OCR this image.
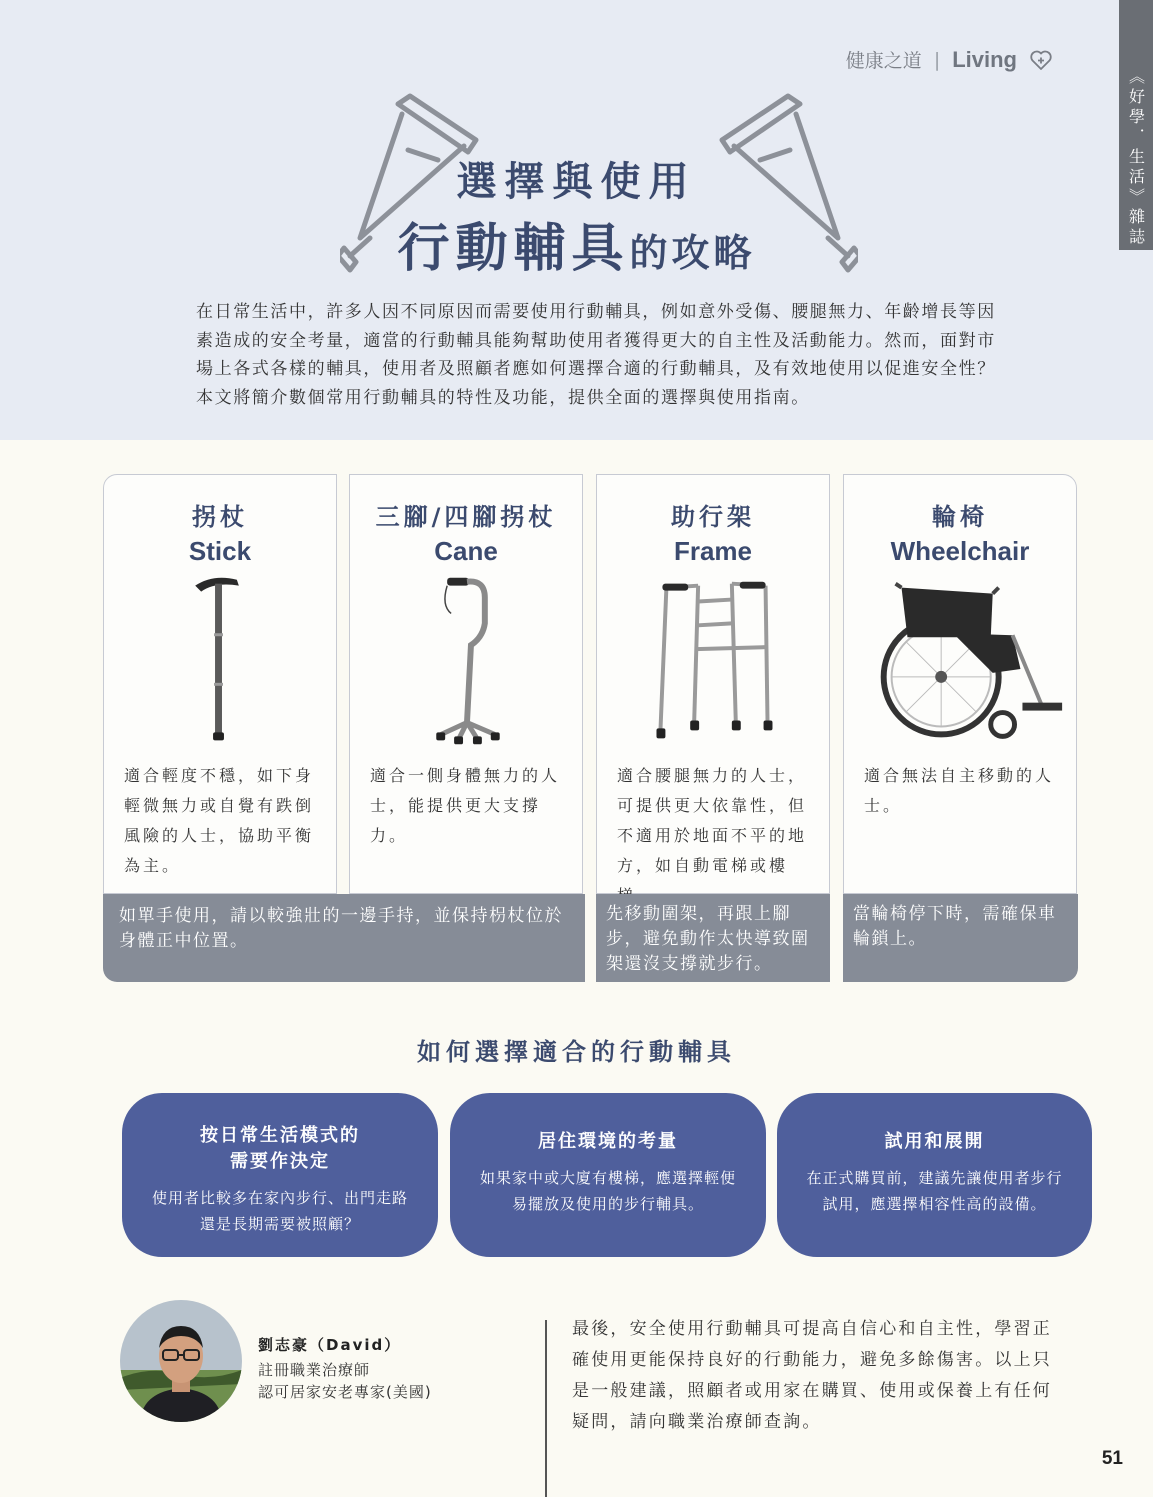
健康之道 | Living
《好學．生活》雜誌
選擇與使用
行動輔具的攻略

在日常生活中，許多人因不同原因而需要使用行動輔具，例如意外受傷、腰腿無力、年齡增長等因素造成的安全考量，適當的行動輔具能夠幫助使用者獲得更大的自主性及活動能力。然而，面對市場上各式各樣的輔具，使用者及照顧者應如何選擇合適的行動輔具，及有效地使用以促進安全性？本文將簡介數個常用行動輔具的特性及功能，提供全面的選擇與使用指南。

拐杖
Stick
適合輕度不穩，如下身輕微無力或自覺有跌倒風險的人士，協助平衡為主。
三腳/四腳拐杖
Cane
適合一側身體無力的人士，能提供更大支撐力。
助行架
Frame
適合腰腿無力的人士，可提供更大依靠性，但不適用於地面不平的地方，如自動電梯或樓
輪椅
Wheelchair
適合無法自主移動的人士。
如單手使用，請以較強壯的一邊手持，並保持枴杖位於身體正中位置。
先移動圍架，再跟上腳步，避免動作太快導致圍架還沒支撐就步行。
當輪椅停下時，需確保車輪鎖上。
如何選擇適合的行動輔具
按日常生活模式的
需要作決定
使用者比較多在家內步行、出門走路還是長期需要被照顧？
居住環境的考量
如果家中或大廈有樓梯，應選擇輕便易擺放及使用的步行輔具。
試用和展開
在正式購買前，建議先讓使用者步行試用，應選擇相容性高的設備。
劉志豪（David）
註冊職業治療師
認可居家安老專家(美國)

最後，安全使用行動輔具可提高自信心和自主性，學習正確使用更能保持良好的行動能力，避免多餘傷害。以上只是一般建議，照顧者或用家在購買、使用或保養上有任何疑問，請向職業治療師查詢。

51
